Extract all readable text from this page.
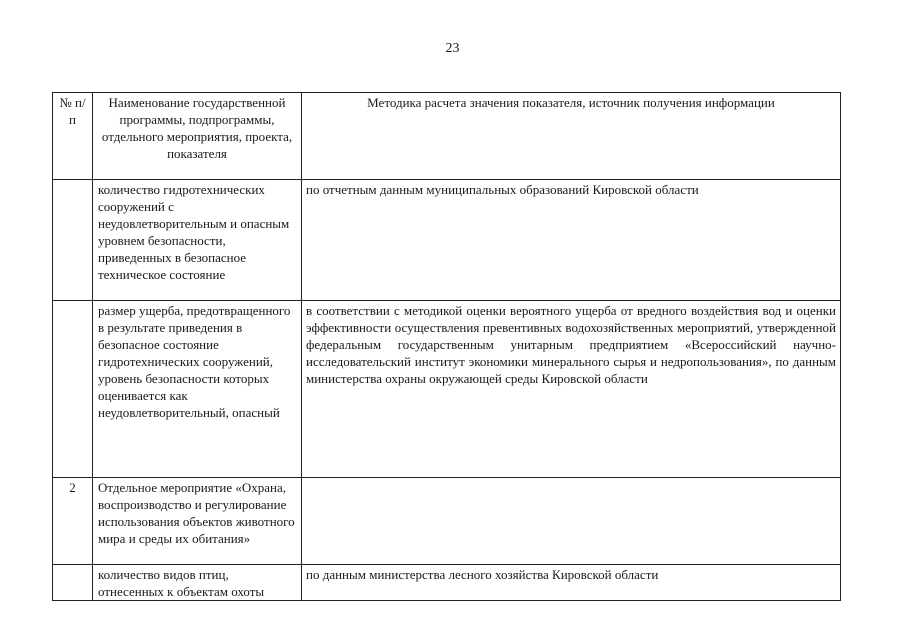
23
№ п/п	Наименование государственной программы, подпрограммы, отдельного мероприятия, проекта, показателя	Методика расчета значения показателя, источник получения информации
	количество гидротехнических сооружений с неудовлетворительным и опасным уровнем безопасности, приведенных в безопасное техническое состояние	по отчетным данным муниципальных образований Кировской области
	размер ущерба, предотвращенного в результате приведения в безопасное состояние гидротехнических сооружений, уровень безопасности которых оценивается как неудовлетворительный, опасный	в соответствии с методикой оценки вероятного ущерба от вредного воздействия вод и оценки эффективности осуществления превентивных водохозяйственных мероприятий, утвержденной федеральным государственным унитарным предприятием «Всероссийский научно-исследовательский институт экономики минерального сырья и недропользования», по данным министерства охраны окружающей среды Кировской области
2	Отдельное мероприятие «Охрана, воспроизводство и регулирование использования объектов животного мира и среды их обитания»	
	количество видов птиц, отнесенных к объектам охоты	по данным министерства лесного хозяйства Кировской области
